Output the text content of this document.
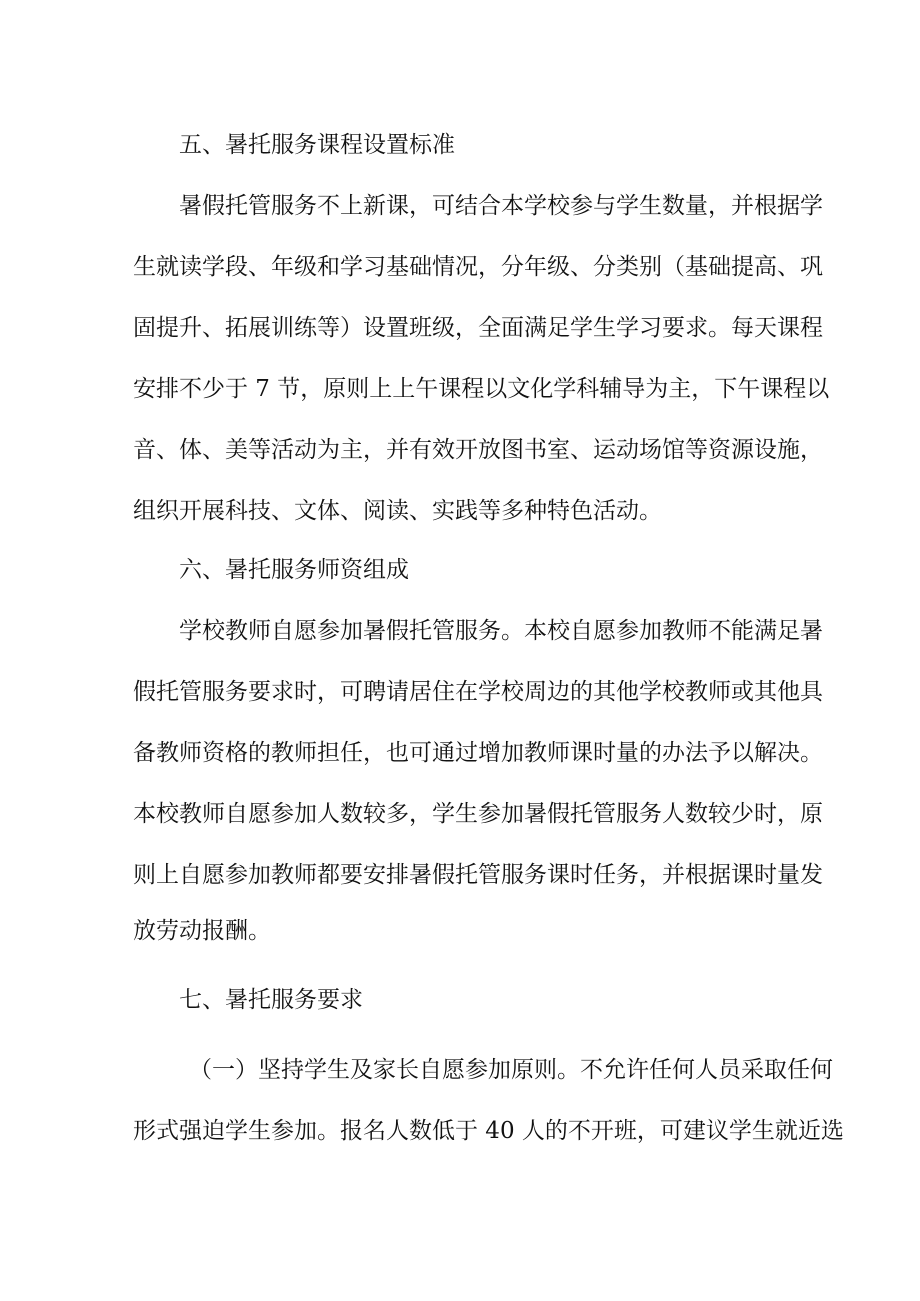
五、暑托服务课程设置标准
暑假托管服务不上新课，可结合本学校参与学生数量，并根据学
生就读学段、年级和学习基础情况，分年级、分类别（基础提高、巩
固提升、拓展训练等）设置班级，全面满足学生学习要求。每天课程
安排不少于 7 节，原则上上午课程以文化学科辅导为主，下午课程以
音、体、美等活动为主，并有效开放图书室、运动场馆等资源设施，
组织开展科技、文体、阅读、实践等多种特色活动。
六、暑托服务师资组成
学校教师自愿参加暑假托管服务。本校自愿参加教师不能满足暑
假托管服务要求时，可聘请居住在学校周边的其他学校教师或其他具
备教师资格的教师担任，也可通过增加教师课时量的办法予以解决。
本校教师自愿参加人数较多，学生参加暑假托管服务人数较少时，原
则上自愿参加教师都要安排暑假托管服务课时任务，并根据课时量发
放劳动报酬。
七、暑托服务要求
（一）坚持学生及家长自愿参加原则。不允许任何人员采取任何
形式强迫学生参加。报名人数低于 40 人的不开班，可建议学生就近选
